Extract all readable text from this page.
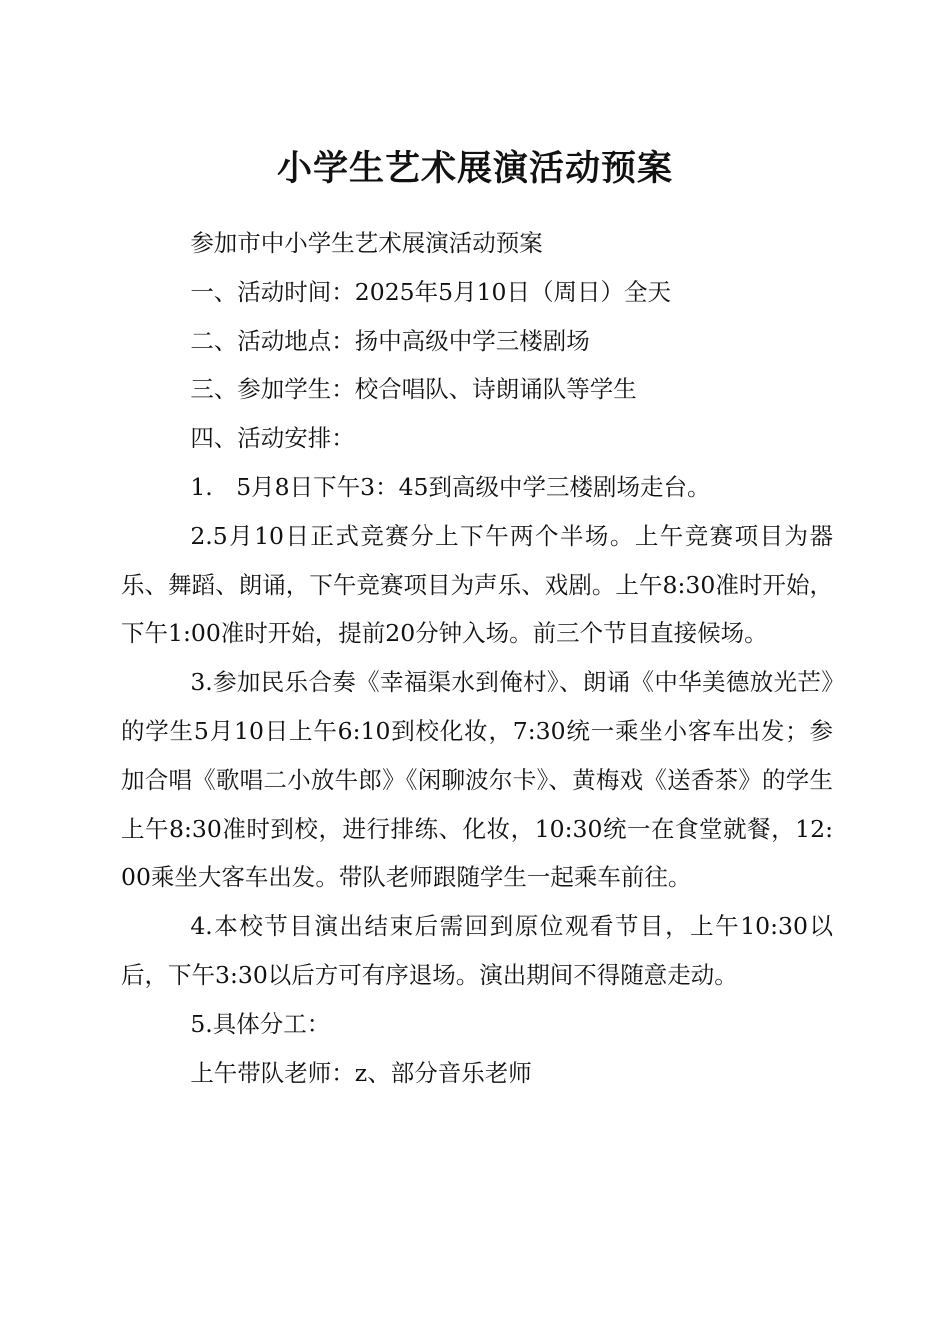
小学生艺术展演活动预案

参加市中小学生艺术展演活动预案

一、活动时间：2025年5月10日（周日）全天

二、活动地点：扬中高级中学三楼剧场

三、参加学生：校合唱队、诗朗诵队等学生

四、活动安排：

1.　5月8日下午3：45到高级中学三楼剧场走台。

2.5月10日正式竞赛分上下午两个半场。上午竞赛项目为器乐、舞蹈、朗诵，下午竞赛项目为声乐、戏剧。上午8:30准时开始，下午1:00准时开始，提前20分钟入场。前三个节目直接候场。

3.参加民乐合奏《幸福渠水到俺村》、朗诵《中华美德放光芒》的学生5月10日上午6:10到校化妆，7:30统一乘坐小客车出发；参加合唱《歌唱二小放牛郎》《闲聊波尔卡》、黄梅戏《送香茶》的学生上午8:30准时到校，进行排练、化妆，10:30统一在食堂就餐，12:00乘坐大客车出发。带队老师跟随学生一起乘车前往。

4.本校节目演出结束后需回到原位观看节目，上午10:30以后，下午3:30以后方可有序退场。演出期间不得随意走动。

5.具体分工：

上午带队老师：z、部分音乐老师
